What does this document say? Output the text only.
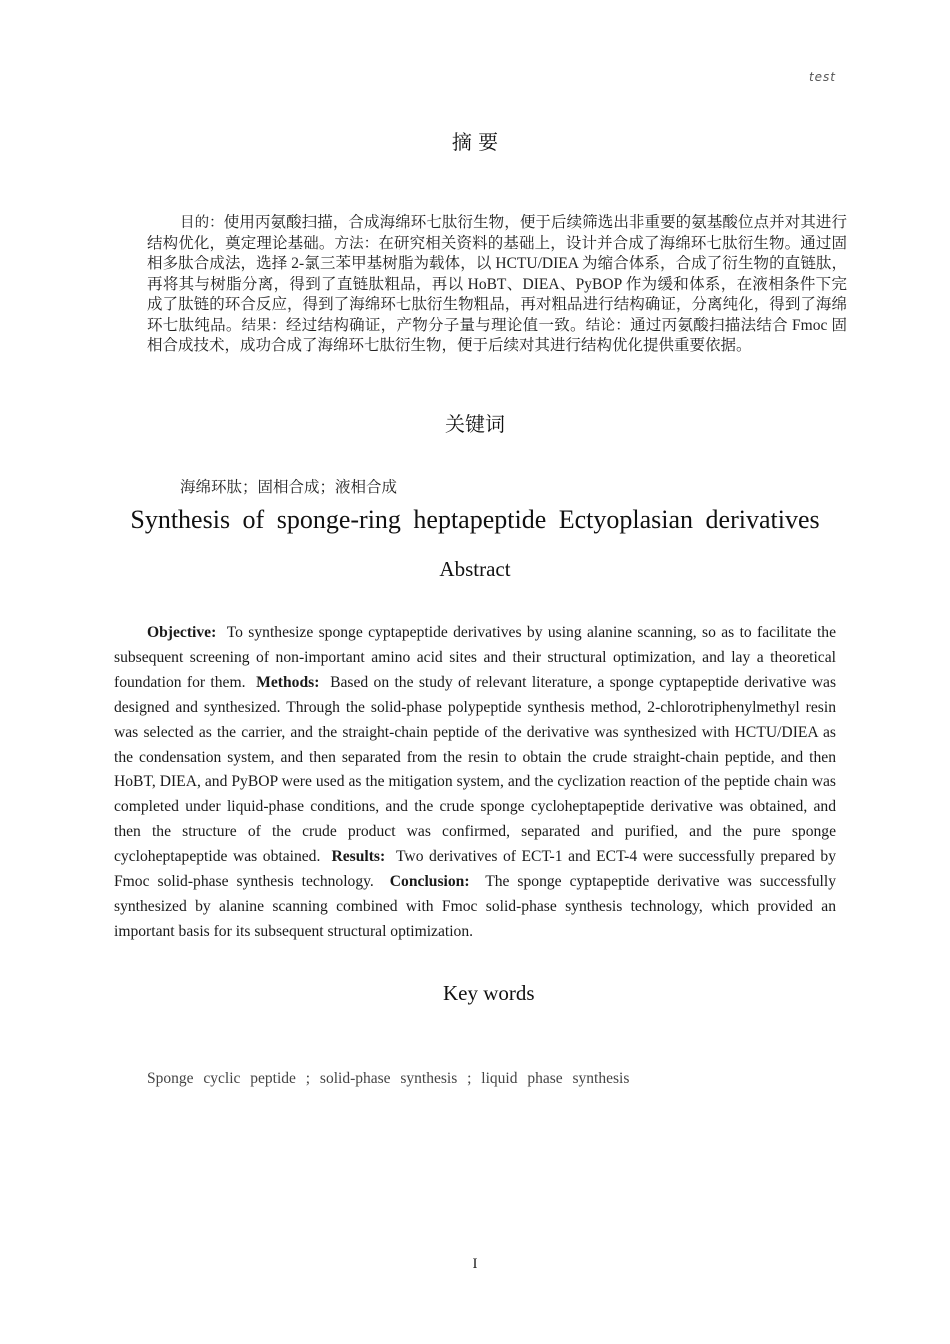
test
摘 要
目的：使用丙氨酸扫描，合成海绵环七肽衍生物，便于后续筛选出非重要的氨基酸位点并对其进行结构优化，奠定理论基础。方法：在研究相关资料的基础上，设计并合成了海绵环七肽衍生物。通过固相多肽合成法，选择 2-氯三苯甲基树脂为载体，以 HCTU/DIEA 为缩合体系，合成了衍生物的直链肽，再将其与树脂分离，得到了直链肽粗品，再以 HoBT、DIEA、PyBOP 作为缓和体系，在液相条件下完成了肽链的环合反应，得到了海绵环七肽衍生物粗品，再对粗品进行结构确证，分离纯化，得到了海绵环七肽纯品。结果：经过结构确证，产物分子量与理论值一致。结论：通过丙氨酸扫描法结合 Fmoc 固相合成技术，成功合成了海绵环七肽衍生物，便于后续对其进行结构优化提供重要依据。
关键词
海绵环肽；固相合成；液相合成
Synthesis of sponge-ring heptapeptide Ectyoplasian derivatives
Abstract
Objective: To synthesize sponge cyptapeptide derivatives by using alanine scanning, so as to facilitate the subsequent screening of non-important amino acid sites and their structural optimization, and lay a theoretical foundation for them. Methods: Based on the study of relevant literature, a sponge cyptapeptide derivative was designed and synthesized. Through the solid-phase polypeptide synthesis method, 2-chlorotriphenylmethyl resin was selected as the carrier, and the straight-chain peptide of the derivative was synthesized with HCTU/DIEA as the condensation system, and then separated from the resin to obtain the crude straight-chain peptide, and then HoBT, DIEA, and PyBOP were used as the mitigation system, and the cyclization reaction of the peptide chain was completed under liquid-phase conditions, and the crude sponge cycloheptapeptide derivative was obtained, and then the structure of the crude product was confirmed, separated and purified, and the pure sponge cycloheptapeptide was obtained. Results: Two derivatives of ECT-1 and ECT-4 were successfully prepared by Fmoc solid-phase synthesis technology. Conclusion: The sponge cyptapeptide derivative was successfully synthesized by alanine scanning combined with Fmoc solid-phase synthesis technology, which provided an important basis for its subsequent structural optimization.
Key words
Sponge cyclic peptide ; solid-phase synthesis ; liquid phase synthesis
I
